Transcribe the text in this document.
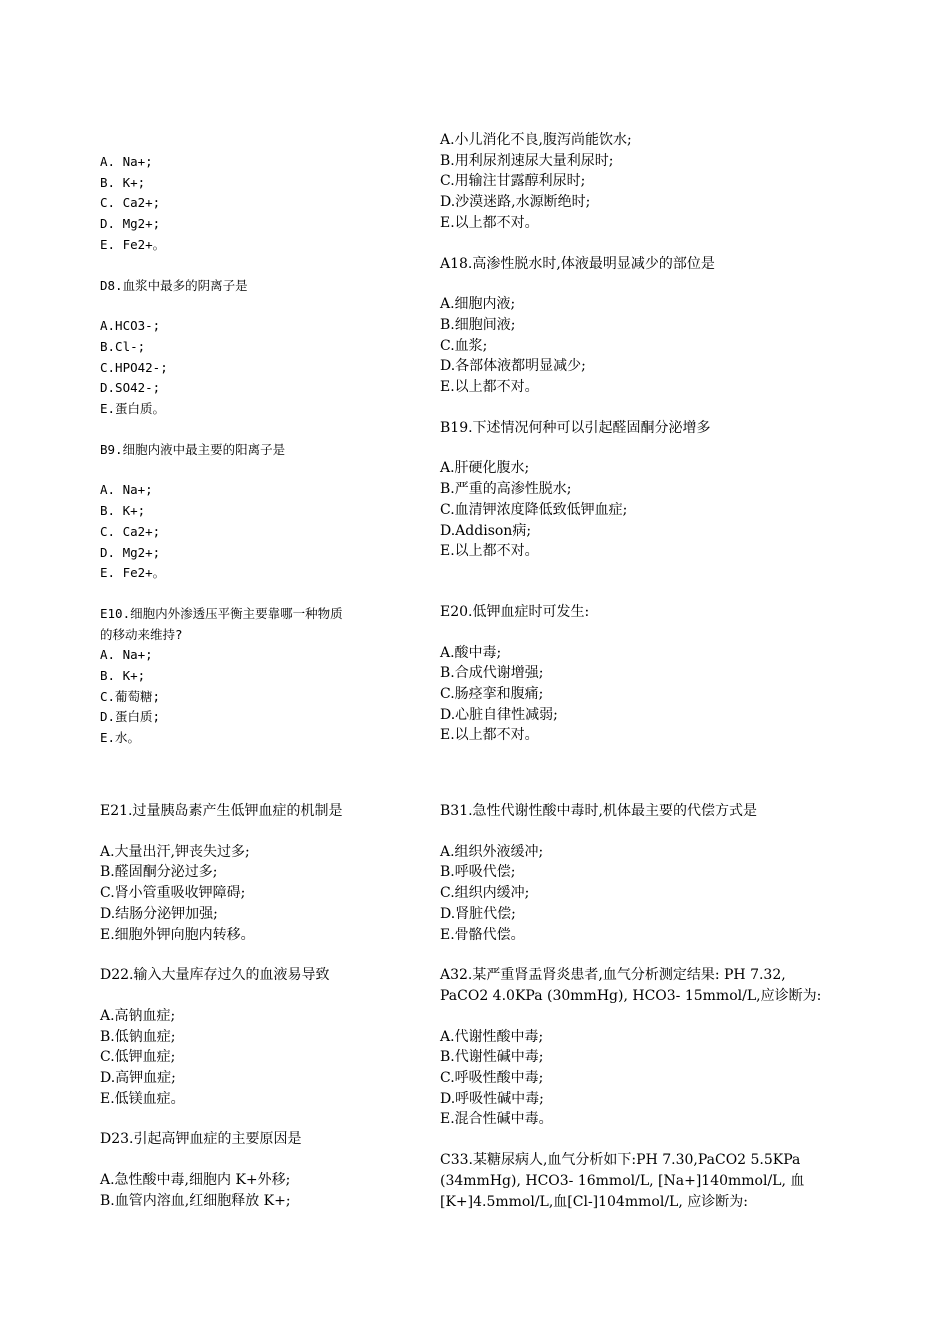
A. Na+;
B. K+;
C. Ca2+;
D. Mg2+;
E. Fe2+。
D8.血浆中最多的阴离子是
A.HCO3-;
B.Cl-;
C.HPO42-;
D.SO42-;
E.蛋白质。
B9.细胞内液中最主要的阳离子是
A. Na+;
B. K+;
C. Ca2+;
D. Mg2+;
E. Fe2+。
E10.细胞内外渗透压平衡主要靠哪一种物质
的移动来维持?
A. Na+;
B. K+;
C.葡萄糖;
D.蛋白质;
E.水。
A.小儿消化不良,腹泻尚能饮水;
B.用利尿剂速尿大量利尿时;
C.用输注甘露醇利尿时;
D.沙漠迷路,水源断绝时;
E.以上都不对。
A18.高渗性脱水时,体液最明显减少的部位是
A.细胞内液;
B.细胞间液;
C.血浆;
D.各部体液都明显减少;
E.以上都不对。
B19.下述情况何种可以引起醛固酮分泌增多
A.肝硬化腹水;
B.严重的高渗性脱水;
C.血清钾浓度降低致低钾血症;
D.Addison病;
E.以上都不对。
E20.低钾血症时可发生:
A.酸中毒;
B.合成代谢增强;
C.肠痉挛和腹痛;
D.心脏自律性减弱;
E.以上都不对。
E21.过量胰岛素产生低钾血症的机制是
A.大量出汗,钾丧失过多;
B.醛固酮分泌过多;
C.肾小管重吸收钾障碍;
D.结肠分泌钾加强;
E.细胞外钾向胞内转移。
D22.输入大量库存过久的血液易导致
A.高钠血症;
B.低钠血症;
C.低钾血症;
D.高钾血症;
E.低镁血症。
D23.引起高钾血症的主要原因是
A.急性酸中毒,细胞内 K+外移;
B.血管内溶血,红细胞释放 K+;
B31.急性代谢性酸中毒时,机体最主要的代偿方式是
A.组织外液缓冲;
B.呼吸代偿;
C.组织内缓冲;
D.肾脏代偿;
E.骨骼代偿。
A32.某严重肾盂肾炎患者,血气分析测定结果: PH 7.32,
PaCO2 4.0KPa (30mmHg), HCO3- 15mmol/L,应诊断为:
A.代谢性酸中毒;
B.代谢性碱中毒;
C.呼吸性酸中毒;
D.呼吸性碱中毒;
E.混合性碱中毒。
C33.某糖尿病人,血气分析如下:PH 7.30,PaCO2 5.5KPa
(34mmHg), HCO3- 16mmol/L, [Na+]140mmol/L, 血
[K+]4.5mmol/L,血[Cl-]104mmol/L, 应诊断为:
